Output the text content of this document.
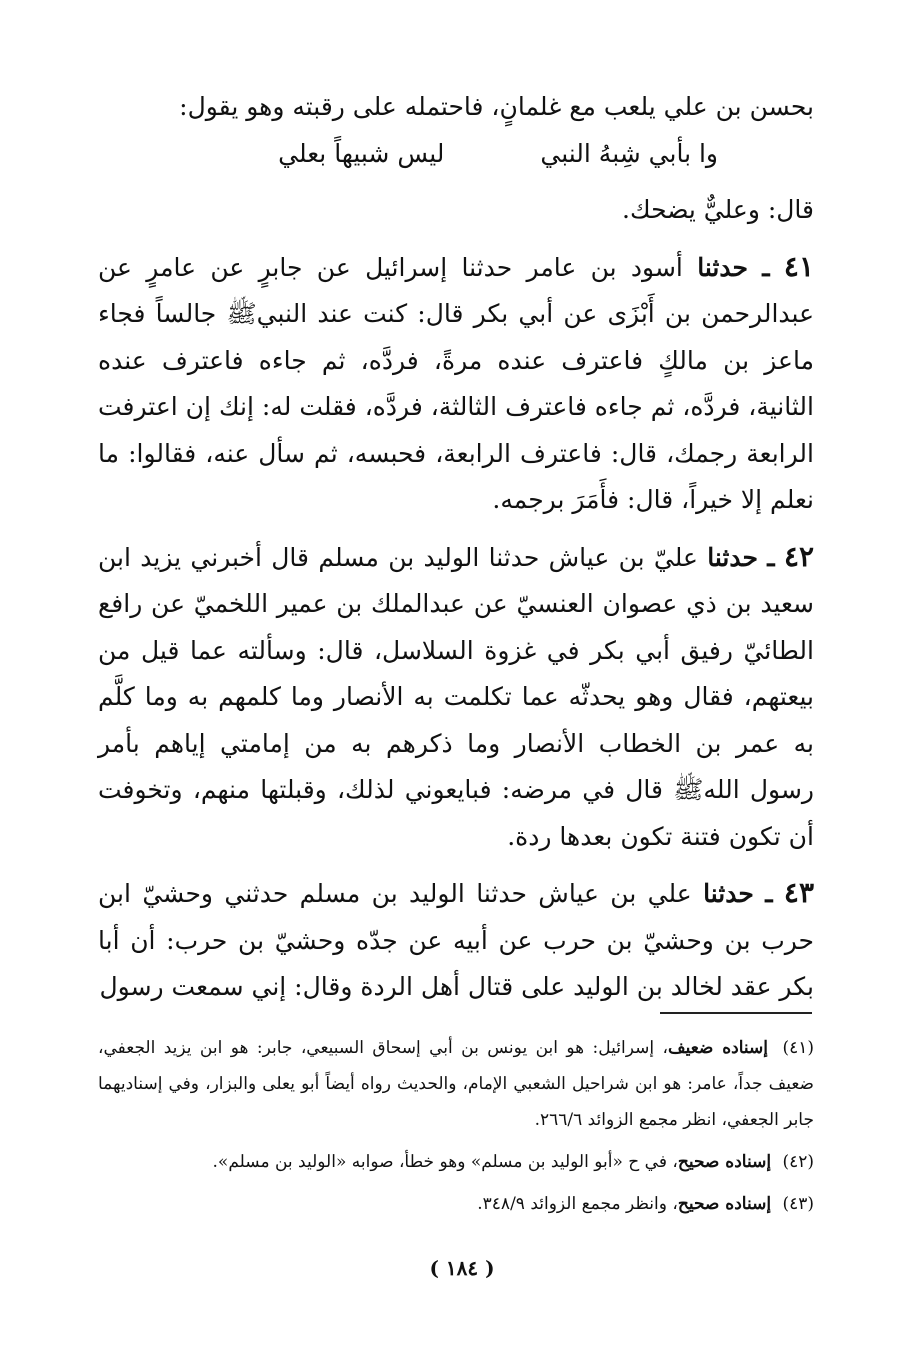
بحسن بن علي يلعب مع غلمانٍ، فاحتمله على رقبته وهو يقول:

وا بأبي شِبهُ النبي
ليس شبيهاً بعلي

قال: وعليٌّ يضحك.

٤١ ـ حدثنا أسود بن عامر حدثنا إسرائيل عن جابرٍ عن عامرٍ عن عبدالرحمن بن أَبْزَى عن أبي بكر قال: كنت عند النبيﷺ جالساً فجاء ماعز بن مالكٍ فاعترف عنده مرةً، فردَّه، ثم جاءه فاعترف عنده الثانية، فردَّه، ثم جاءه فاعترف الثالثة، فردَّه، فقلت له: إنك إن اعترفت الرابعة رجمك، قال: فاعترف الرابعة، فحبسه، ثم سأل عنه، فقالوا: ما نعلم إلا خيراً، قال: فأَمَرَ برجمه.

٤٢ ـ حدثنا عليّ بن عياش حدثنا الوليد بن مسلم قال أخبرني يزيد ابن سعيد بن ذي عصوان العنسيّ عن عبدالملك بن عمير اللخميّ عن رافع الطائيّ رفيق أبي بكر في غزوة السلاسل، قال: وسألته عما قيل من بيعتهم، فقال وهو يحدثّه عما تكلمت به الأنصار وما كلمهم به وما كلَّم به عمر بن الخطاب الأنصار وما ذكرهم به من إمامتي إياهم بأمر رسول اللهﷺ قال في مرضه: فبايعوني لذلك، وقبلتها منهم، وتخوفت أن تكون فتنة تكون بعدها ردة.

٤٣ ـ حدثنا علي بن عياش حدثنا الوليد بن مسلم حدثني وحشيّ ابن حرب بن وحشيّ بن حرب عن أبيه عن جدّه وحشيّ بن حرب: أن أبا بكر عقد لخالد بن الوليد على قتال أهل الردة وقال: إني سمعت رسول

(٤١) إسناده ضعيف، إسرائيل: هو ابن يونس بن أبي إسحاق السبيعي، جابر: هو ابن يزيد الجعفي، ضعيف جداً، عامر: هو ابن شراحيل الشعبي الإمام، والحديث رواه أيضاً أبو يعلى والبزار، وفي إسناديهما جابر الجعفي، انظر مجمع الزوائد ٢٦٦/٦.

(٤٢) إسناده صحيح، في ح «أبو الوليد بن مسلم» وهو خطأ، صوابه «الوليد بن مسلم».

(٤٣) إسناده صحيح، وانظر مجمع الزوائد ٣٤٨/٩.

( ١٨٤ )
